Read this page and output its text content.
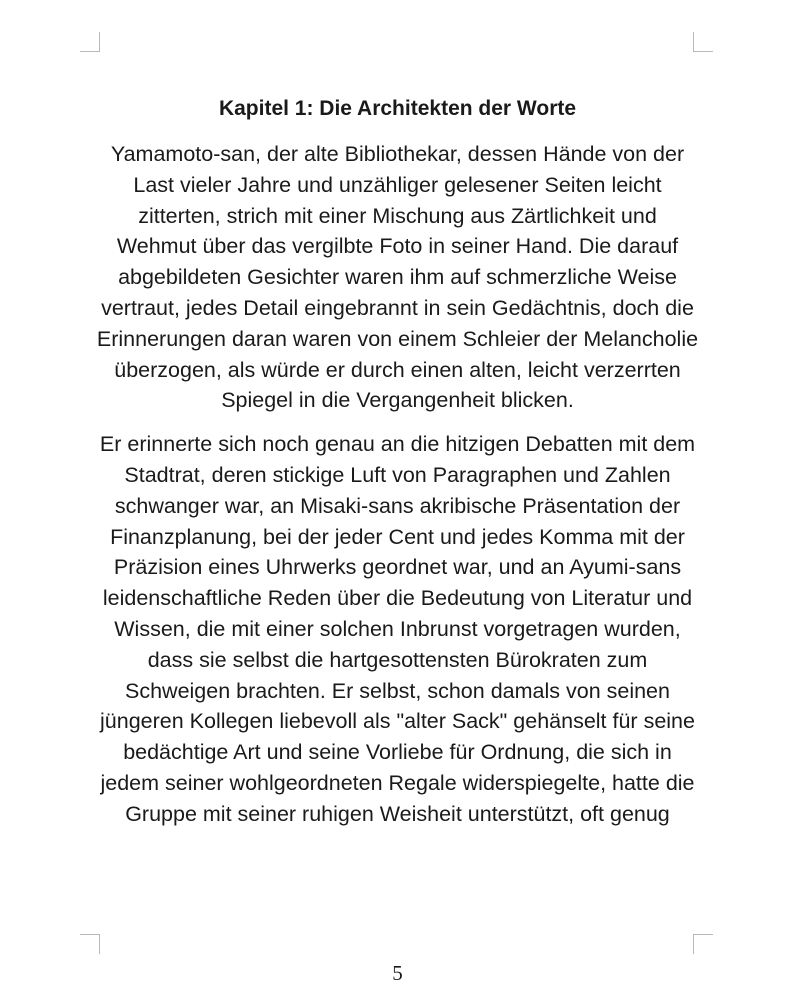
Kapitel 1: Die Architekten der Worte

Yamamoto-san, der alte Bibliothekar, dessen Hände von der Last vieler Jahre und unzähliger gelesener Seiten leicht zitterten, strich mit einer Mischung aus Zärtlichkeit und Wehmut über das vergilbte Foto in seiner Hand. Die darauf abgebildeten Gesichter waren ihm auf schmerzliche Weise vertraut, jedes Detail eingebrannt in sein Gedächtnis, doch die Erinnerungen daran waren von einem Schleier der Melancholie überzogen, als würde er durch einen alten, leicht verzerrten Spiegel in die Vergangenheit blicken.

Er erinnerte sich noch genau an die hitzigen Debatten mit dem Stadtrat, deren stickige Luft von Paragraphen und Zahlen schwanger war, an Misaki-sans akribische Präsentation der Finanzplanung, bei der jeder Cent und jedes Komma mit der Präzision eines Uhrwerks geordnet war, und an Ayumi-sans leidenschaftliche Reden über die Bedeutung von Literatur und Wissen, die mit einer solchen Inbrunst vorgetragen wurden, dass sie selbst die hartgesottensten Bürokraten zum Schweigen brachten. Er selbst, schon damals von seinen jüngeren Kollegen liebevoll als "alter Sack" gehänselt für seine bedächtige Art und seine Vorliebe für Ordnung, die sich in jedem seiner wohlgeordneten Regale widerspiegelte, hatte die Gruppe mit seiner ruhigen Weisheit unterstützt, oft genug

5
